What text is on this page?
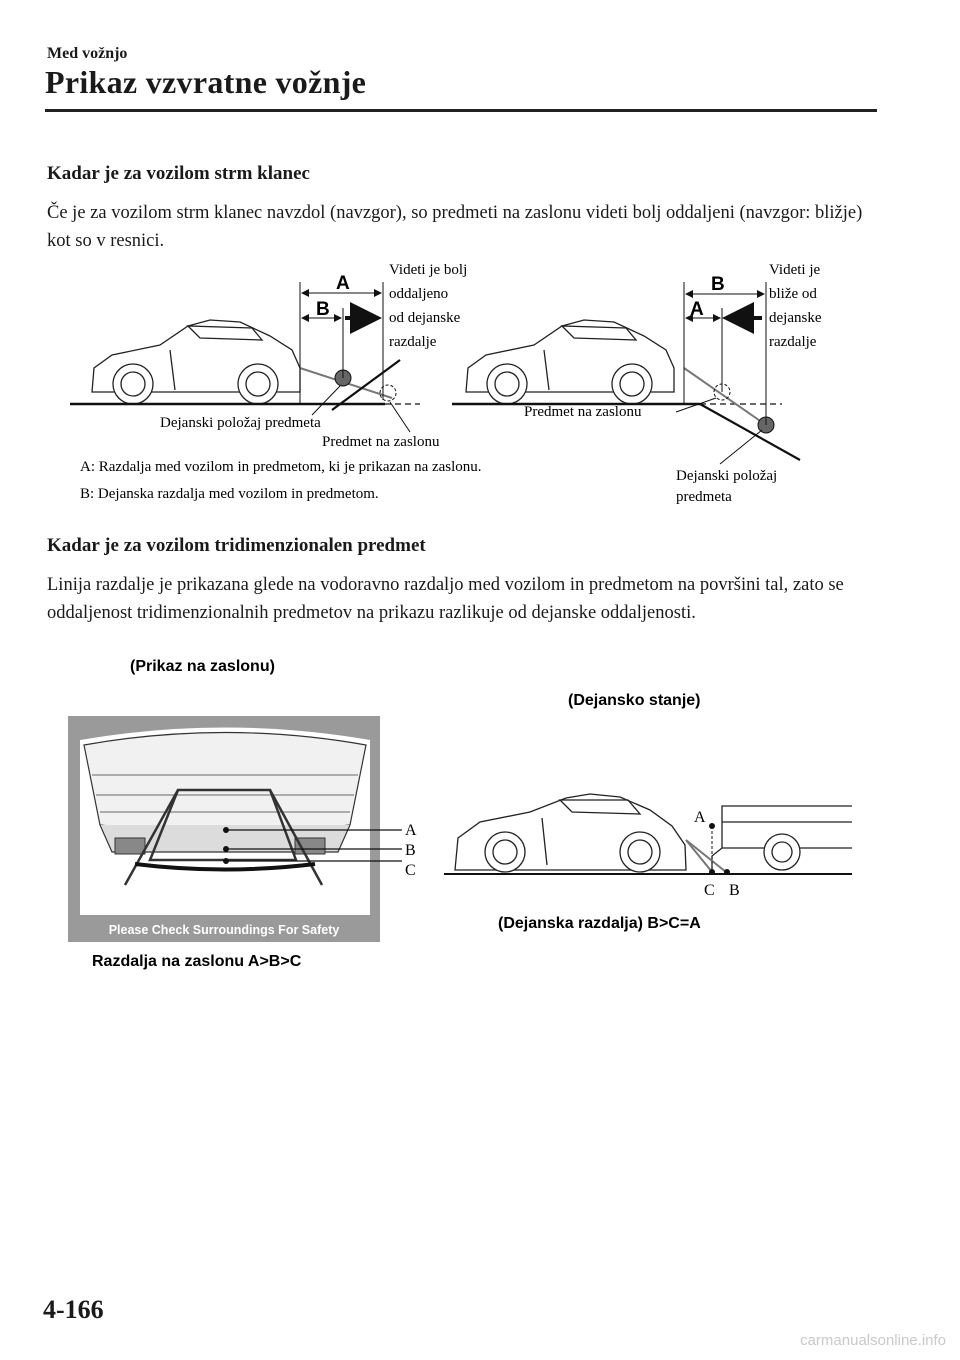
Med vožnjo
Prikaz vzvratne vožnje
Kadar je za vozilom strm klanec
Če je za vozilom strm klanec navzdol (navzgor), so predmeti na zaslonu videti bolj oddaljeni (navzgor: bližje) kot so v resnici.
A
B
Videti je bolj oddaljeno od dejanske razdalje
Dejanski položaj predmeta
Predmet na zaslonu
B
A
Videti je bliže od dejanske razdalje
Predmet na zaslonu
Dejanski položaj predmeta
A: Razdalja med vozilom in predmetom, ki je prikazan na zaslonu.
B: Dejanska razdalja med vozilom in predmetom.
Kadar je za vozilom tridimenzionalen predmet
Linija razdalje je prikazana glede na vodoravno razdaljo med vozilom in predmetom na površini tal, zato se oddaljenost tridimenzionalnih predmetov na prikazu razlikuje od dejanske oddaljenosti.
(Prikaz na zaslonu)
(Dejansko stanje)
Please Check Surroundings For Safety
A
B
C
Razdalja na zaslonu A>B>C
A
C B
(Dejanska razdalja) B>C=A
4-166
carmanualsonline.info
